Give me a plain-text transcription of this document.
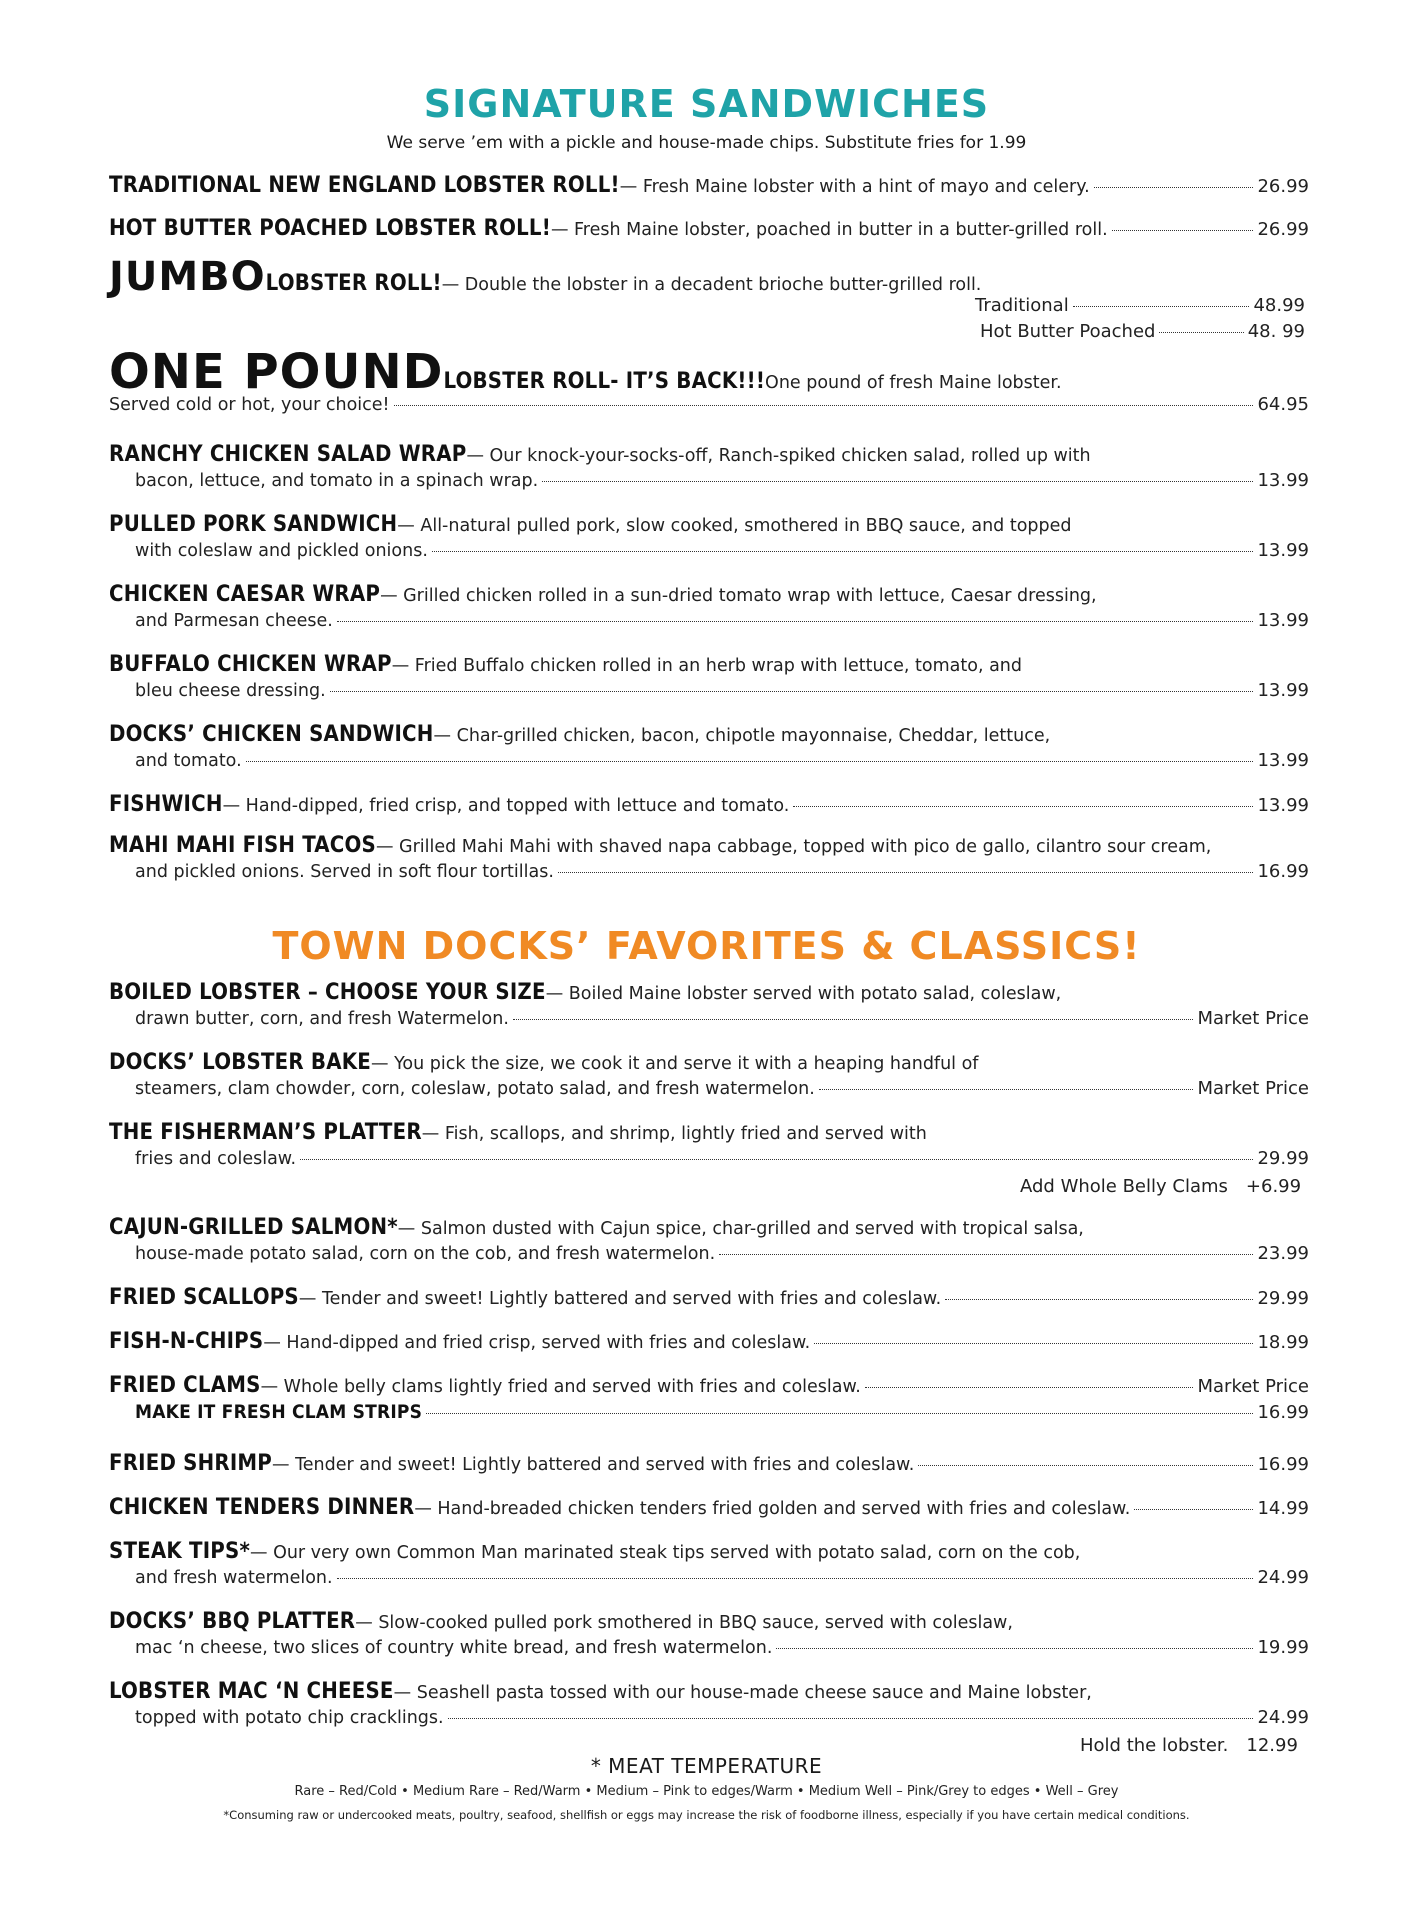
SIGNATURE SANDWICHES
We serve ’em with a pickle and house-made chips. Substitute fries for 1.99
TRADITIONAL NEW ENGLAND LOBSTER ROLL! — Fresh Maine lobster with a hint of mayo and celery.	26.99
HOT BUTTER POACHED LOBSTER ROLL! — Fresh Maine lobster, poached in butter in a butter-grilled roll.	26.99
JUMBO LOBSTER ROLL! — Double the lobster in a decadent brioche butter-grilled roll.
Traditional	48.99
Hot Butter Poached	48. 99
ONE POUND LOBSTER ROLL- IT’S BACK!!! One pound of fresh Maine lobster.
Served cold or hot, your choice!	64.95
RANCHY CHICKEN SALAD WRAP — Our knock-your-socks-off, Ranch-spiked chicken salad, rolled up with
bacon, lettuce, and tomato in a spinach wrap.	13.99
PULLED PORK SANDWICH — All-natural pulled pork, slow cooked, smothered in BBQ sauce, and topped
with coleslaw and pickled onions.	13.99
CHICKEN CAESAR WRAP — Grilled chicken rolled in a sun-dried tomato wrap with lettuce, Caesar dressing,
and Parmesan cheese.	13.99
BUFFALO CHICKEN WRAP — Fried Buffalo chicken rolled in an herb wrap with lettuce, tomato, and
bleu cheese dressing.	13.99
DOCKS’ CHICKEN SANDWICH — Char-grilled chicken, bacon, chipotle mayonnaise, Cheddar, lettuce,
and tomato.	13.99
FISHWICH — Hand-dipped, fried crisp, and topped with lettuce and tomato.	13.99
MAHI MAHI FISH TACOS — Grilled Mahi Mahi with shaved napa cabbage, topped with pico de gallo, cilantro sour cream,
and pickled onions. Served in soft flour tortillas.	16.99
TOWN DOCKS’ FAVORITES & CLASSICS!
BOILED LOBSTER – CHOOSE YOUR SIZE — Boiled Maine lobster served with potato salad, coleslaw,
drawn butter, corn, and fresh Watermelon.	Market Price
DOCKS’ LOBSTER BAKE — You pick the size, we cook it and serve it with a heaping handful of
steamers, clam chowder, corn, coleslaw, potato salad, and fresh watermelon.	Market Price
THE FISHERMAN’S PLATTER — Fish, scallops, and shrimp, lightly fried and served with
fries and coleslaw.	29.99
Add Whole Belly Clams +6.99
CAJUN-GRILLED SALMON* — Salmon dusted with Cajun spice, char-grilled and served with tropical salsa,
house-made potato salad, corn on the cob, and fresh watermelon.	23.99
FRIED SCALLOPS — Tender and sweet! Lightly battered and served with fries and coleslaw.	29.99
FISH-N-CHIPS — Hand-dipped and fried crisp, served with fries and coleslaw.	18.99
FRIED CLAMS — Whole belly clams lightly fried and served with fries and coleslaw.	Market Price
MAKE IT FRESH CLAM STRIPS	16.99
FRIED SHRIMP — Tender and sweet! Lightly battered and served with fries and coleslaw.	16.99
CHICKEN TENDERS DINNER — Hand-breaded chicken tenders fried golden and served with fries and coleslaw.	14.99
STEAK TIPS* — Our very own Common Man marinated steak tips served with potato salad, corn on the cob,
and fresh watermelon.	24.99
DOCKS’ BBQ PLATTER — Slow-cooked pulled pork smothered in BBQ sauce, served with coleslaw,
mac ‘n cheese, two slices of country white bread, and fresh watermelon.	19.99
LOBSTER MAC ‘N CHEESE — Seashell pasta tossed with our house-made cheese sauce and Maine lobster,
topped with potato chip cracklings.	24.99
Hold the lobster. 12.99
* MEAT TEMPERATURE
Rare – Red/Cold • Medium Rare – Red/Warm • Medium – Pink to edges/Warm • Medium Well – Pink/Grey to edges • Well – Grey
*Consuming raw or undercooked meats, poultry, seafood, shellfish or eggs may increase the risk of foodborne illness, especially if you have certain medical conditions.
